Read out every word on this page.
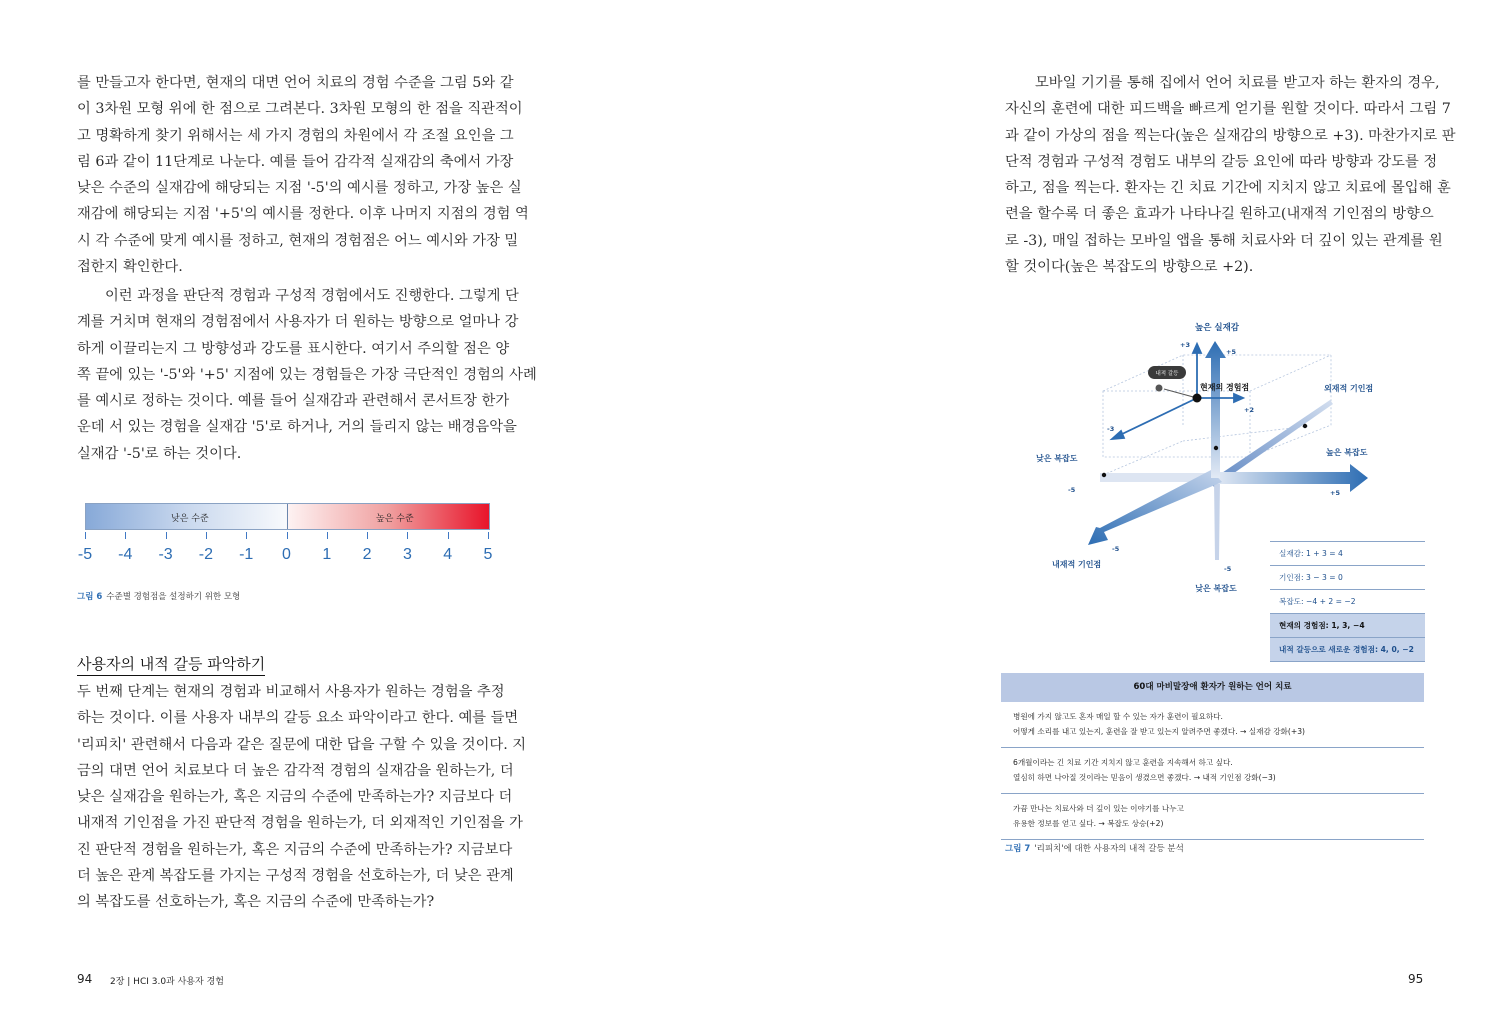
를 만들고자 한다면, 현재의 대면 언어 치료의 경험 수준을 그림 5와 같
이 3차원 모형 위에 한 점으로 그려본다. 3차원 모형의 한 점을 직관적이
고 명확하게 찾기 위해서는 세 가지 경험의 차원에서 각 조절 요인을 그
림 6과 같이 11단계로 나눈다. 예를 들어 감각적 실재감의 축에서 가장
낮은 수준의 실재감에 해당되는 지점 '-5'의 예시를 정하고, 가장 높은 실
재감에 해당되는 지점 '+5'의 예시를 정한다. 이후 나머지 지점의 경험 역
시 각 수준에 맞게 예시를 정하고, 현재의 경험점은 어느 예시와 가장 밀
접한지 확인한다.
이런 과정을 판단적 경험과 구성적 경험에서도 진행한다. 그렇게 단
계를 거치며 현재의 경험점에서 사용자가 더 원하는 방향으로 얼마나 강
하게 이끌리는지 그 방향성과 강도를 표시한다. 여기서 주의할 점은 양
쪽 끝에 있는 '-5'와 '+5' 지점에 있는 경험들은 가장 극단적인 경험의 사례
를 예시로 정하는 것이다. 예를 들어 실재감과 관련해서 콘서트장 한가
운데 서 있는 경험을 실재감 '5'로 하거나, 거의 들리지 않는 배경음악을
실재감 '-5'로 하는 것이다.
낮은 수준	높은 수준
-5 -4 -3 -2 -1 0 1 2 3 4 5
그림 6 수준별 경험점을 설정하기 위한 모형
사용자의 내적 갈등 파악하기
두 번째 단계는 현재의 경험과 비교해서 사용자가 원하는 경험을 추정
하는 것이다. 이를 사용자 내부의 갈등 요소 파악이라고 한다. 예를 들면
'리피치' 관련해서 다음과 같은 질문에 대한 답을 구할 수 있을 것이다. 지
금의 대면 언어 치료보다 더 높은 감각적 경험의 실재감을 원하는가, 더
낮은 실재감을 원하는가, 혹은 지금의 수준에 만족하는가? 지금보다 더
내재적 기인점을 가진 판단적 경험을 원하는가, 더 외재적인 기인점을 가
진 판단적 경험을 원하는가, 혹은 지금의 수준에 만족하는가? 지금보다
더 높은 관계 복잡도를 가지는 구성적 경험을 선호하는가, 더 낮은 관계
의 복잡도를 선호하는가, 혹은 지금의 수준에 만족하는가?
94 2장 | HCI 3.0과 사용자 경험
모바일 기기를 통해 집에서 언어 치료를 받고자 하는 환자의 경우,
자신의 훈련에 대한 피드백을 빠르게 얻기를 원할 것이다. 따라서 그림 7
과 같이 가상의 점을 찍는다(높은 실재감의 방향으로 +3). 마찬가지로 판
단적 경험과 구성적 경험도 내부의 갈등 요인에 따라 방향과 강도를 정
하고, 점을 찍는다. 환자는 긴 치료 기간에 지치지 않고 치료에 몰입해 훈
련을 할수록 더 좋은 효과가 나타나길 원하고(내재적 기인점의 방향으
로 -3), 매일 접하는 모바일 앱을 통해 치료사와 더 깊이 있는 관계를 원
할 것이다(높은 복잡도의 방향으로 +2).
내적 갈등
높은 실재감
현재의 경험점	외재적 기인점
낮은 복잡도
높은 복잡도
내재적 기인점
낮은 복잡도
+3
+5
+2
-3
-5	+5
-5
-5
실재감: 1 + 3 = 4
기인점: 3 − 3 = 0
복잡도: −4 + 2 = −2
현재의 경험점: 1, 3, −4
내적 갈등으로 새로운 경험점: 4, 0, −2
60대 마비말장애 환자가 원하는 언어 치료
병원에 가지 않고도 혼자 매일 할 수 있는 자가 훈련이 필요하다.
어떻게 소리를 내고 있는지, 훈련을 잘 받고 있는지 알려주면 좋겠다. → 실재감 강화(+3)
6개월이라는 긴 치료 기간 지치지 않고 훈련을 지속해서 하고 싶다.
열심히 하면 나아질 것이라는 믿음이 생겼으면 좋겠다. → 내적 기인점 강화(−3)
가끔 만나는 치료사와 더 깊이 있는 이야기를 나누고
유용한 정보를 얻고 싶다. → 복잡도 상승(+2)
그림 7 '리피치'에 대한 사용자의 내적 갈등 분석
95
